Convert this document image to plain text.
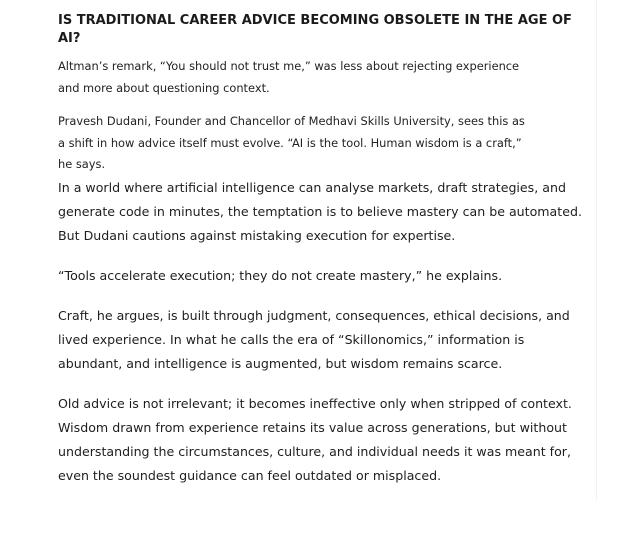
IS TRADITIONAL CAREER ADVICE BECOMING OBSOLETE IN THE AGE OF AI?

Altman’s remark, “You should not trust me,” was less about rejecting experience
and more about questioning context.

Pravesh Dudani, Founder and Chancellor of Medhavi Skills University, sees this as
a shift in how advice itself must evolve. “AI is the tool. Human wisdom is a craft,”
he says.

In a world where artificial intelligence can analyse markets, draft strategies, and generate code in minutes, the temptation is to believe mastery can be automated. But Dudani cautions against mistaking execution for expertise.

“Tools accelerate execution; they do not create mastery,” he explains.

Craft, he argues, is built through judgment, consequences, ethical decisions, and lived experience. In what he calls the era of “Skillonomics,” information is abundant, and intelligence is augmented, but wisdom remains scarce.

Old advice is not irrelevant; it becomes ineffective only when stripped of context. Wisdom drawn from experience retains its value across generations, but without understanding the circumstances, culture, and individual needs it was meant for, even the soundest guidance can feel outdated or misplaced.
